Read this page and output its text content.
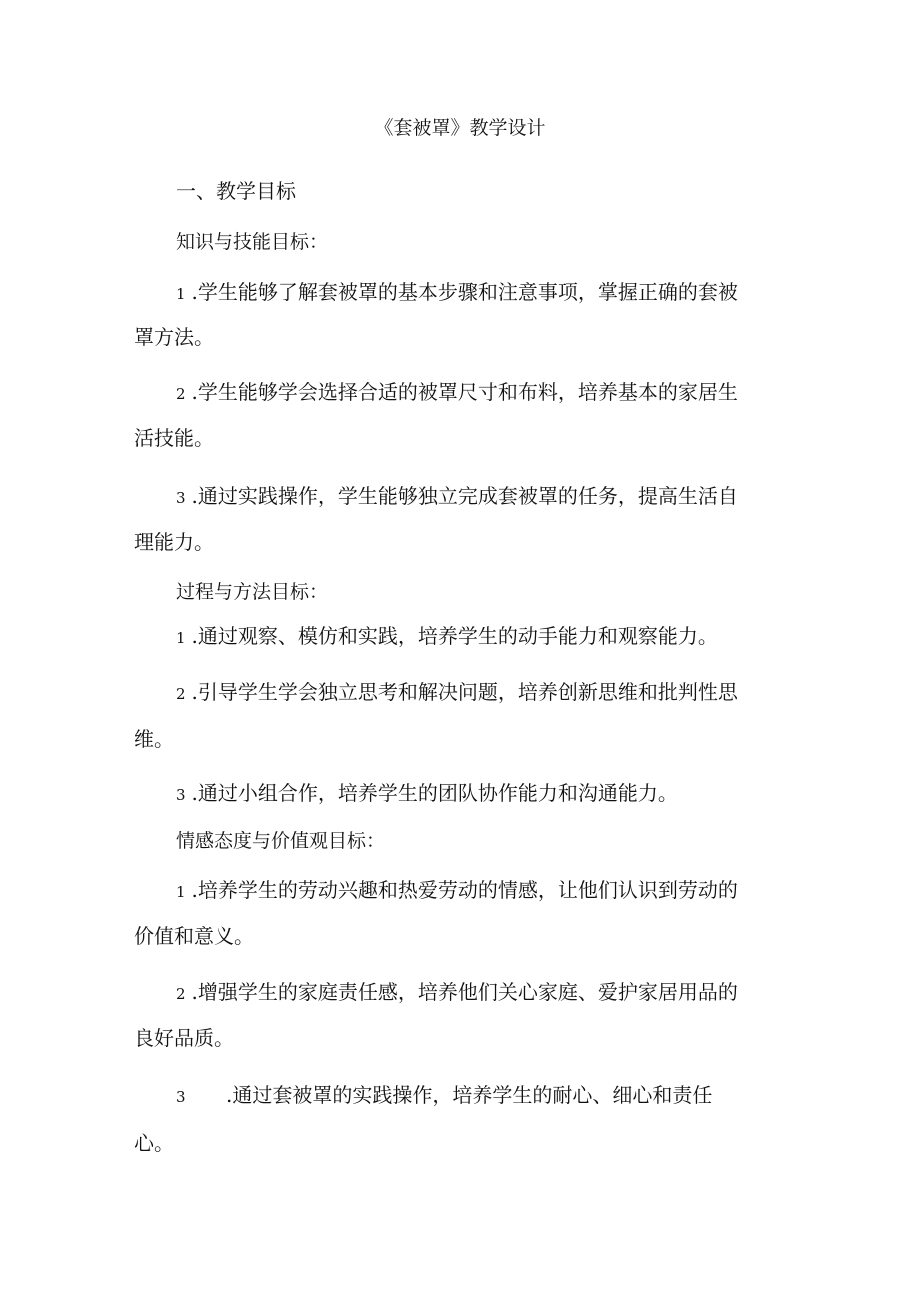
《套被罩》教学设计
一、教学目标
知识与技能目标：
1 .学生能够了解套被罩的基本步骤和注意事项，掌握正确的套被
罩方法。
2 .学生能够学会选择合适的被罩尺寸和布料，培养基本的家居生
活技能。
3 .通过实践操作，学生能够独立完成套被罩的任务，提高生活自
理能力。
过程与方法目标：
1 .通过观察、模仿和实践，培养学生的动手能力和观察能力。
2 .引导学生学会独立思考和解决问题，培养创新思维和批判性思
维。
3 .通过小组合作，培养学生的团队协作能力和沟通能力。
情感态度与价值观目标：
1 .培养学生的劳动兴趣和热爱劳动的情感，让他们认识到劳动的
价值和意义。
2 .增强学生的家庭责任感，培养他们关心家庭、爱护家居用品的
良好品质。
3 .通过套被罩的实践操作，培养学生的耐心、细心和责任
心。
